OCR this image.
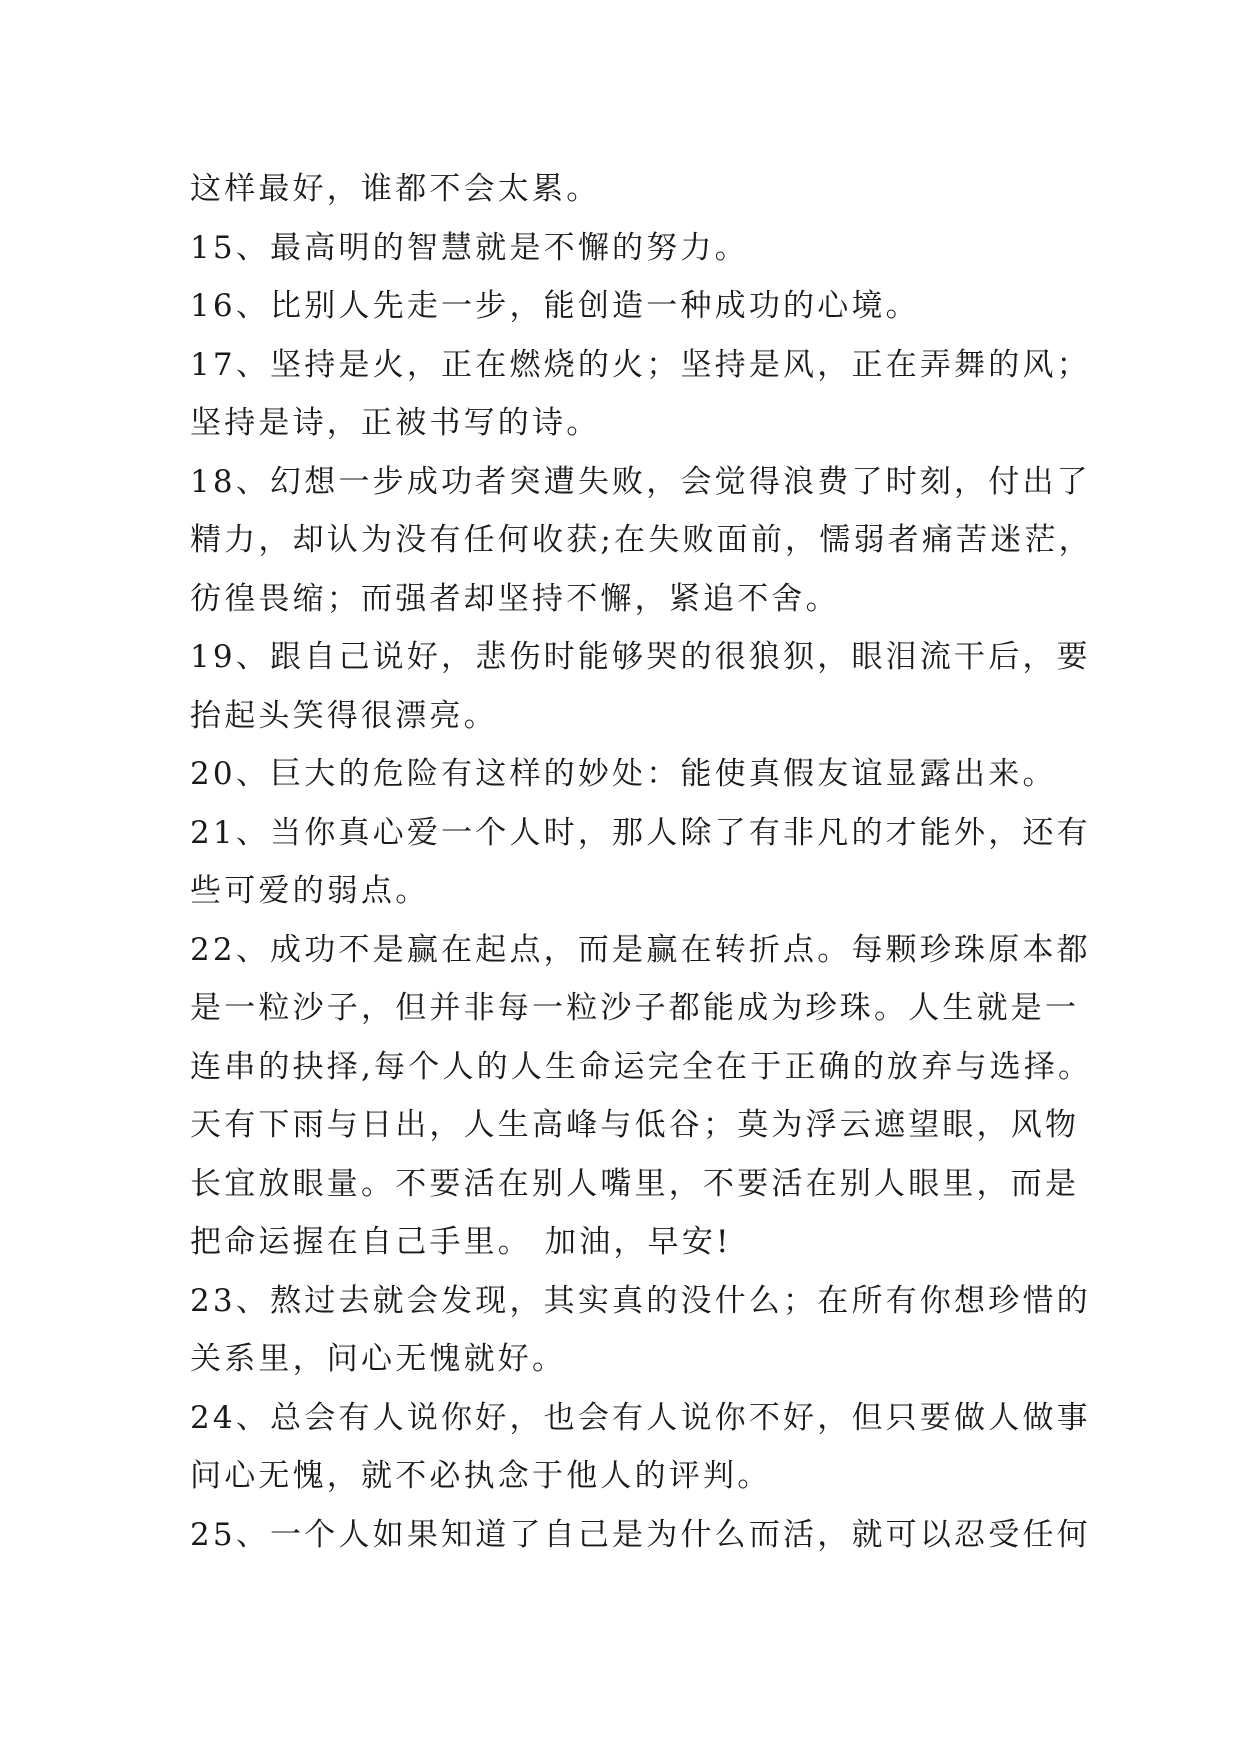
这样最好，谁都不会太累。
15、最高明的智慧就是不懈的努力。
16、比别人先走一步，能创造一种成功的心境。
17、坚持是火，正在燃烧的火；坚持是风，正在弄舞的风；
坚持是诗，正被书写的诗。
18、幻想一步成功者突遭失败，会觉得浪费了时刻，付出了
精力，却认为没有任何收获;在失败面前，懦弱者痛苦迷茫，
彷徨畏缩；而强者却坚持不懈，紧追不舍。
19、跟自己说好，悲伤时能够哭的很狼狈，眼泪流干后，要
抬起头笑得很漂亮。
20、巨大的危险有这样的妙处：能使真假友谊显露出来。
21、当你真心爱一个人时，那人除了有非凡的才能外，还有
些可爱的弱点。
22、成功不是赢在起点，而是赢在转折点。每颗珍珠原本都
是一粒沙子，但并非每一粒沙子都能成为珍珠。人生就是一
连串的抉择,每个人的人生命运完全在于正确的放弃与选择。
天有下雨与日出，人生高峰与低谷；莫为浮云遮望眼，风物
长宜放眼量。不要活在别人嘴里，不要活在别人眼里，而是
把命运握在自己手里。 加油，早安!
23、熬过去就会发现，其实真的没什么；在所有你想珍惜的
关系里，问心无愧就好。
24、总会有人说你好，也会有人说你不好，但只要做人做事
问心无愧，就不必执念于他人的评判。
25、一个人如果知道了自己是为什么而活，就可以忍受任何
